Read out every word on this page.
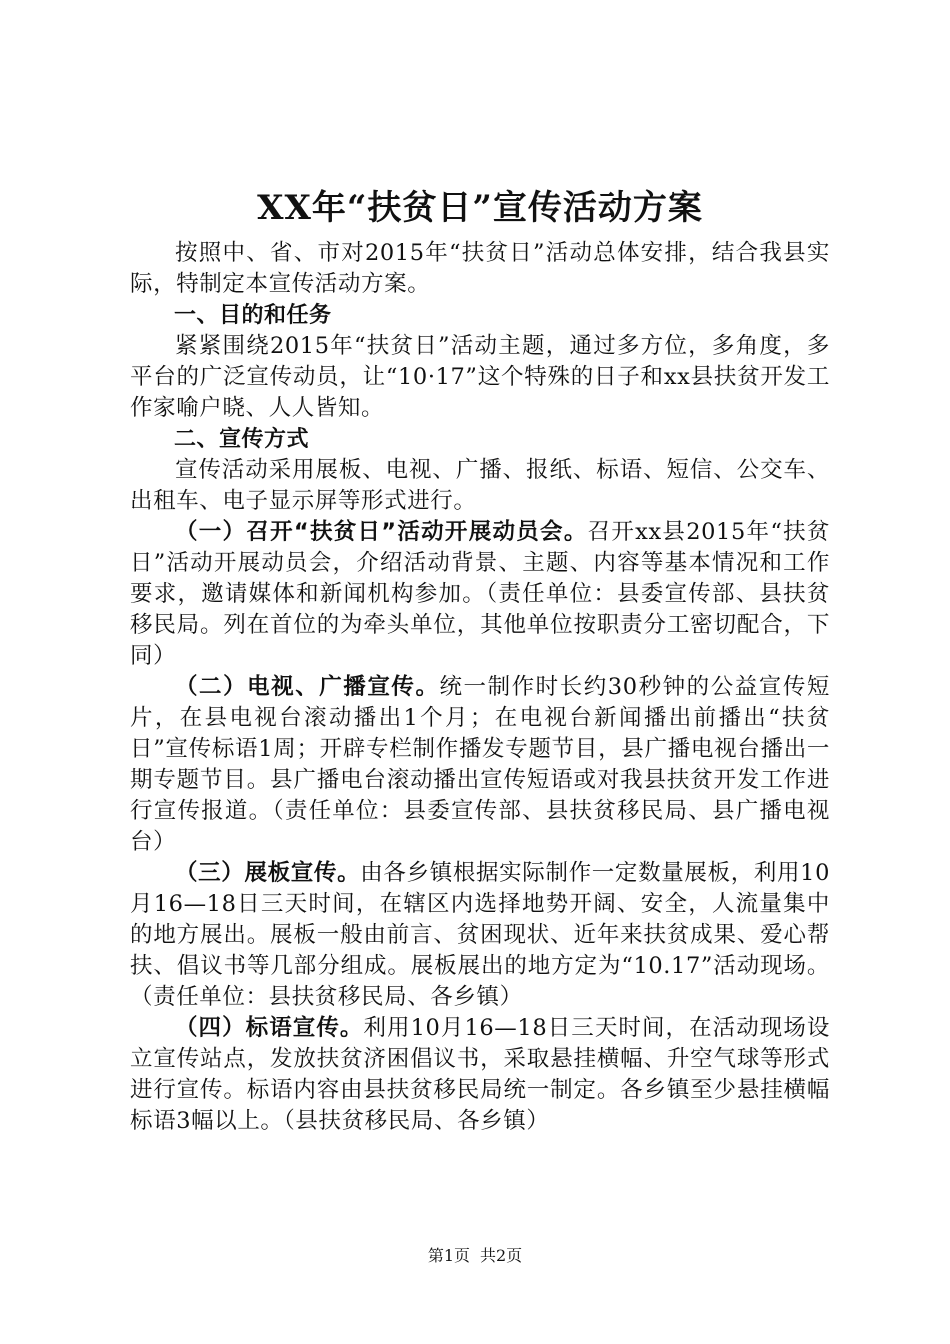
XX年“扶贫日”宣传活动方案

按照中、省、市对2015年“扶贫日”活动总体安排，结合我县实际，特制定本宣传活动方案。

一、目的和任务

紧紧围绕2015年“扶贫日”活动主题，通过多方位，多角度，多平台的广泛宣传动员，让“10·17”这个特殊的日子和xx县扶贫开发工作家喻户晓、人人皆知。

二、宣传方式

宣传活动采用展板、电视、广播、报纸、标语、短信、公交车、出租车、电子显示屏等形式进行。

（一）召开“扶贫日”活动开展动员会。召开xx县2015年“扶贫日”活动开展动员会，介绍活动背景、主题、内容等基本情况和工作要求，邀请媒体和新闻机构参加。（责任单位：县委宣传部、县扶贫移民局。列在首位的为牵头单位，其他单位按职责分工密切配合，下同）

（二）电视、广播宣传。统一制作时长约30秒钟的公益宣传短片，在县电视台滚动播出1个月；在电视台新闻播出前播出“扶贫日”宣传标语1周；开辟专栏制作播发专题节目，县广播电视台播出一期专题节目。县广播电台滚动播出宣传短语或对我县扶贫开发工作进行宣传报道。（责任单位：县委宣传部、县扶贫移民局、县广播电视台）

（三）展板宣传。由各乡镇根据实际制作一定数量展板，利用10月16—18日三天时间，在辖区内选择地势开阔、安全，人流量集中的地方展出。展板一般由前言、贫困现状、近年来扶贫成果、爱心帮扶、倡议书等几部分组成。展板展出的地方定为“10.17”活动现场。（责任单位：县扶贫移民局、各乡镇）

（四）标语宣传。利用10月16—18日三天时间，在活动现场设立宣传站点，发放扶贫济困倡议书，采取悬挂横幅、升空气球等形式进行宣传。标语内容由县扶贫移民局统一制定。各乡镇至少悬挂横幅标语3幅以上。（县扶贫移民局、各乡镇）

第1页 共2页
